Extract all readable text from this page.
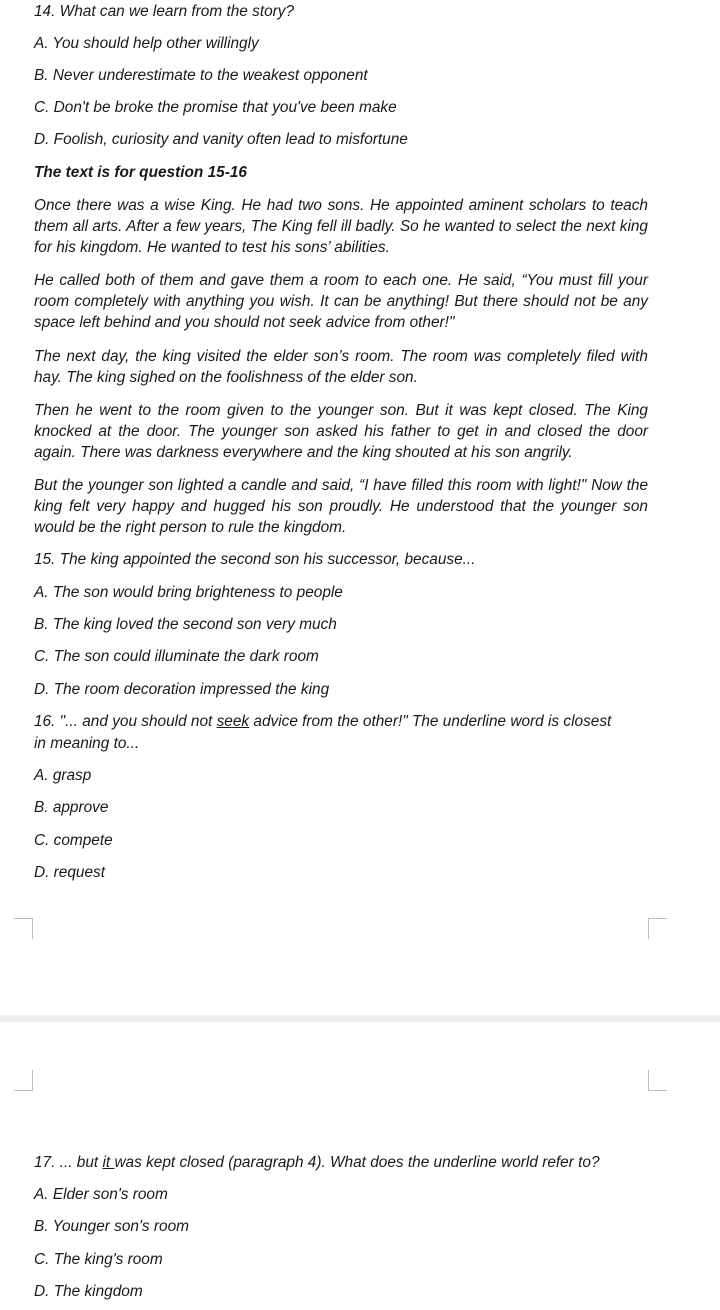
14. What can we learn from the story?
A. You should help other willingly
B. Never underestimate to the weakest opponent
C. Don't be broke the promise that you've been make
D. Foolish, curiosity and vanity often lead to misfortune
The text is for question 15-16
Once there was a wise King. He had two sons. He appointed aminent scholars to teach them all arts. After a few years, The King fell ill badly. So he wanted to select the next king for his kingdom. He wanted to test his sons’ abilities.
He called both of them and gave them a room to each one. He said, “You must fill your room completely with anything you wish. It can be anything! But there should not be any space left behind and you should not seek advice from other!"
The next day, the king visited the elder son’s room. The room was completely filed with hay. The king sighed on the foolishness of the elder son.
Then he went to the room given to the younger son. But it was kept closed. The King knocked at the door. The younger son asked his father to get in and closed the door again. There was darkness everywhere and the king shouted at his son angrily.
But the younger son lighted a candle and said, “I have filled this room with light!" Now the king felt very happy and hugged his son proudly. He understood that the younger son would be the right person to rule the kingdom.
15. The king appointed the second son his successor, because...
A. The son would bring brighteness to people
B. The king loved the second son very much
C. The son could illuminate the dark room
D. The room decoration impressed the king
16. "... and you should not seek advice from the other!" The underline word is closest
in meaning to...
A. grasp
B. approve
C. compete
D. request
17. ... but it was kept closed (paragraph 4). What does the underline world refer to?
A. Elder son's room
B. Younger son's room
C. The king's room
D. The kingdom
